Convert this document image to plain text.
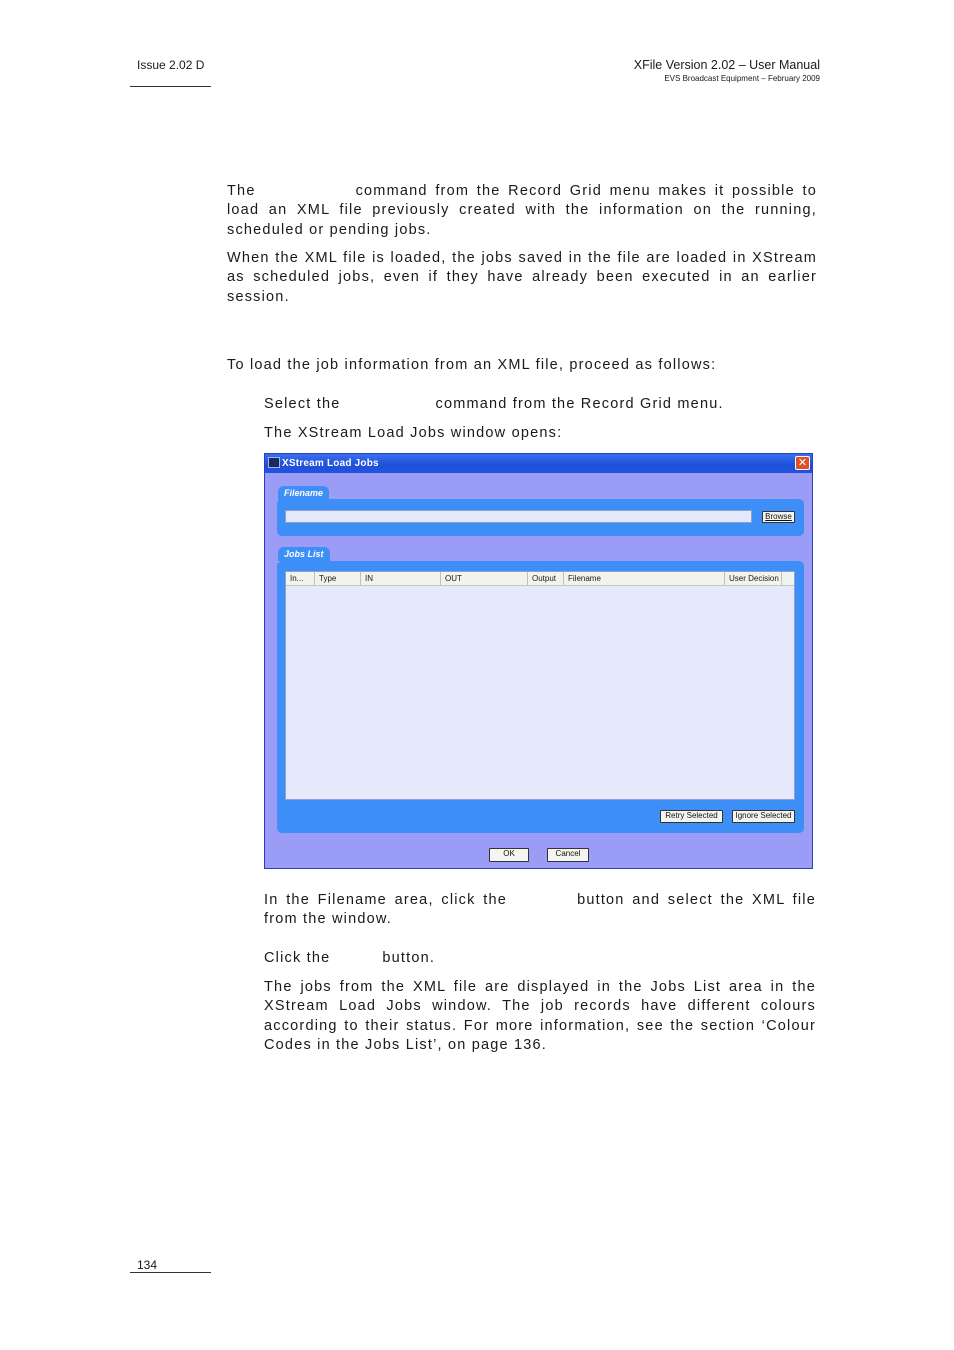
Issue 2.02 D	XFile Version 2.02 – User Manual
EVS Broadcast Equipment – February 2009
The	command from the Record Grid menu makes it possible to load an XML file previously created with the information on the running, scheduled or pending jobs.
When the XML file is loaded, the jobs saved in the file are loaded in XStream as scheduled jobs, even if they have already been executed in an earlier session.
To load the job information from an XML file, proceed as follows:
Select the	command from the Record Grid menu.
The XStream Load Jobs window opens:
XStream Load Jobs	✕
Filename
Browse
Jobs List
In...	Type	IN	OUT	Output	Filename	User Decision
Retry Selected	Ignore Selected
OK	Cancel
In the Filename area, click the	button and select the XML file from the window.
Click the	button.
The jobs from the XML file are displayed in the Jobs List area in the XStream Load Jobs window. The job records have different colours according to their status. For more information, see the section ‘Colour Codes in the Jobs List’, on page 136.
134
